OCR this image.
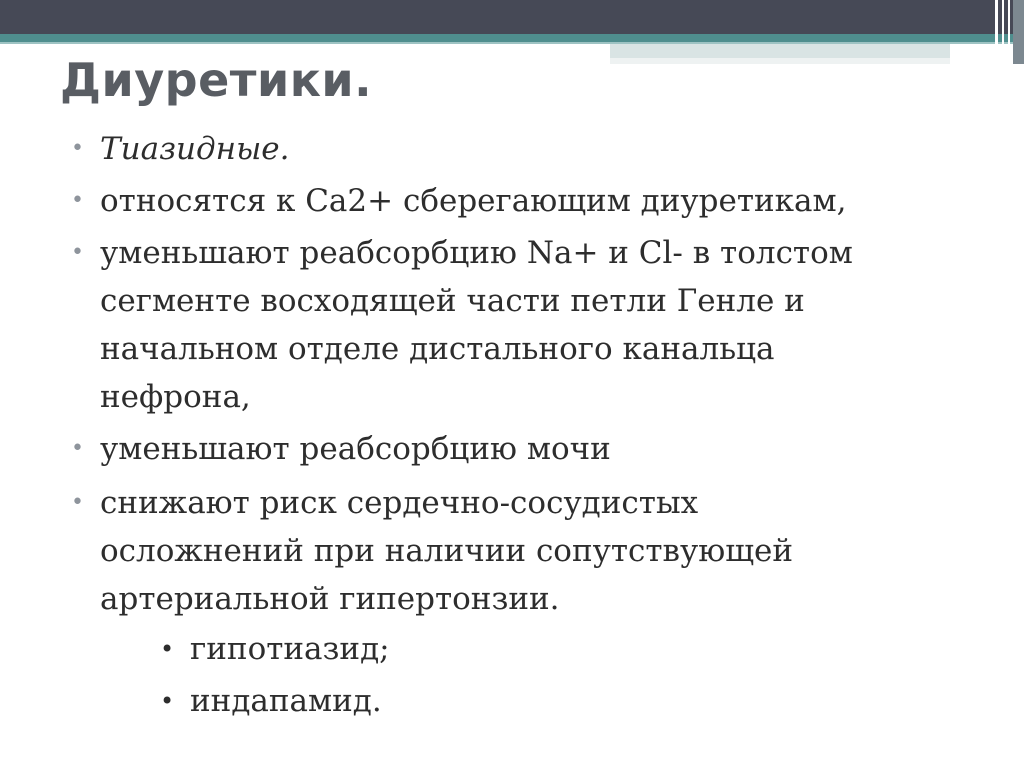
Диуретики.

• Тиазидные.

• относятся к Са2+ сберегающим диуретикам,

• уменьшают реабсорбцию Na+ и Cl- в толстом
сегменте восходящей части петли Генле и
начальном отделе дистального канальца
нефрона,

• уменьшают реабсорбцию мочи

• снижают риск сердечно-сосудистых
осложнений при наличии сопутствующей
артериальной гипертонзии.

• гипотиазид;

• индапамид.
